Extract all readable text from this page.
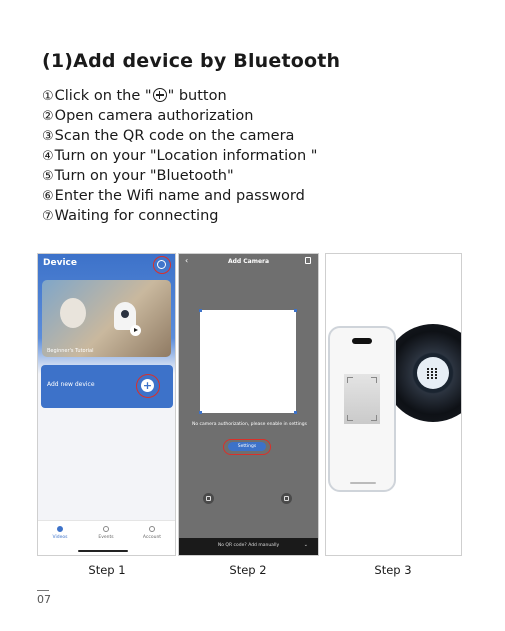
(1)Add device by Bluetooth
①Click on the " " button
②Open camera authorization
③Scan the QR code on the camera
④Turn on your "Location information "
⑤Turn on your "Bluetooth"
⑥Enter the Wifi name and password
⑦Waiting for connecting
Device
Beginner's Tutorial
Add new device	+
Videos	Events	Account
‹	Add Camera
No camera authorization, please enable in settings
Settings
No QR code? Add manually	⌄
Step 1	Step 2	Step 3
07
